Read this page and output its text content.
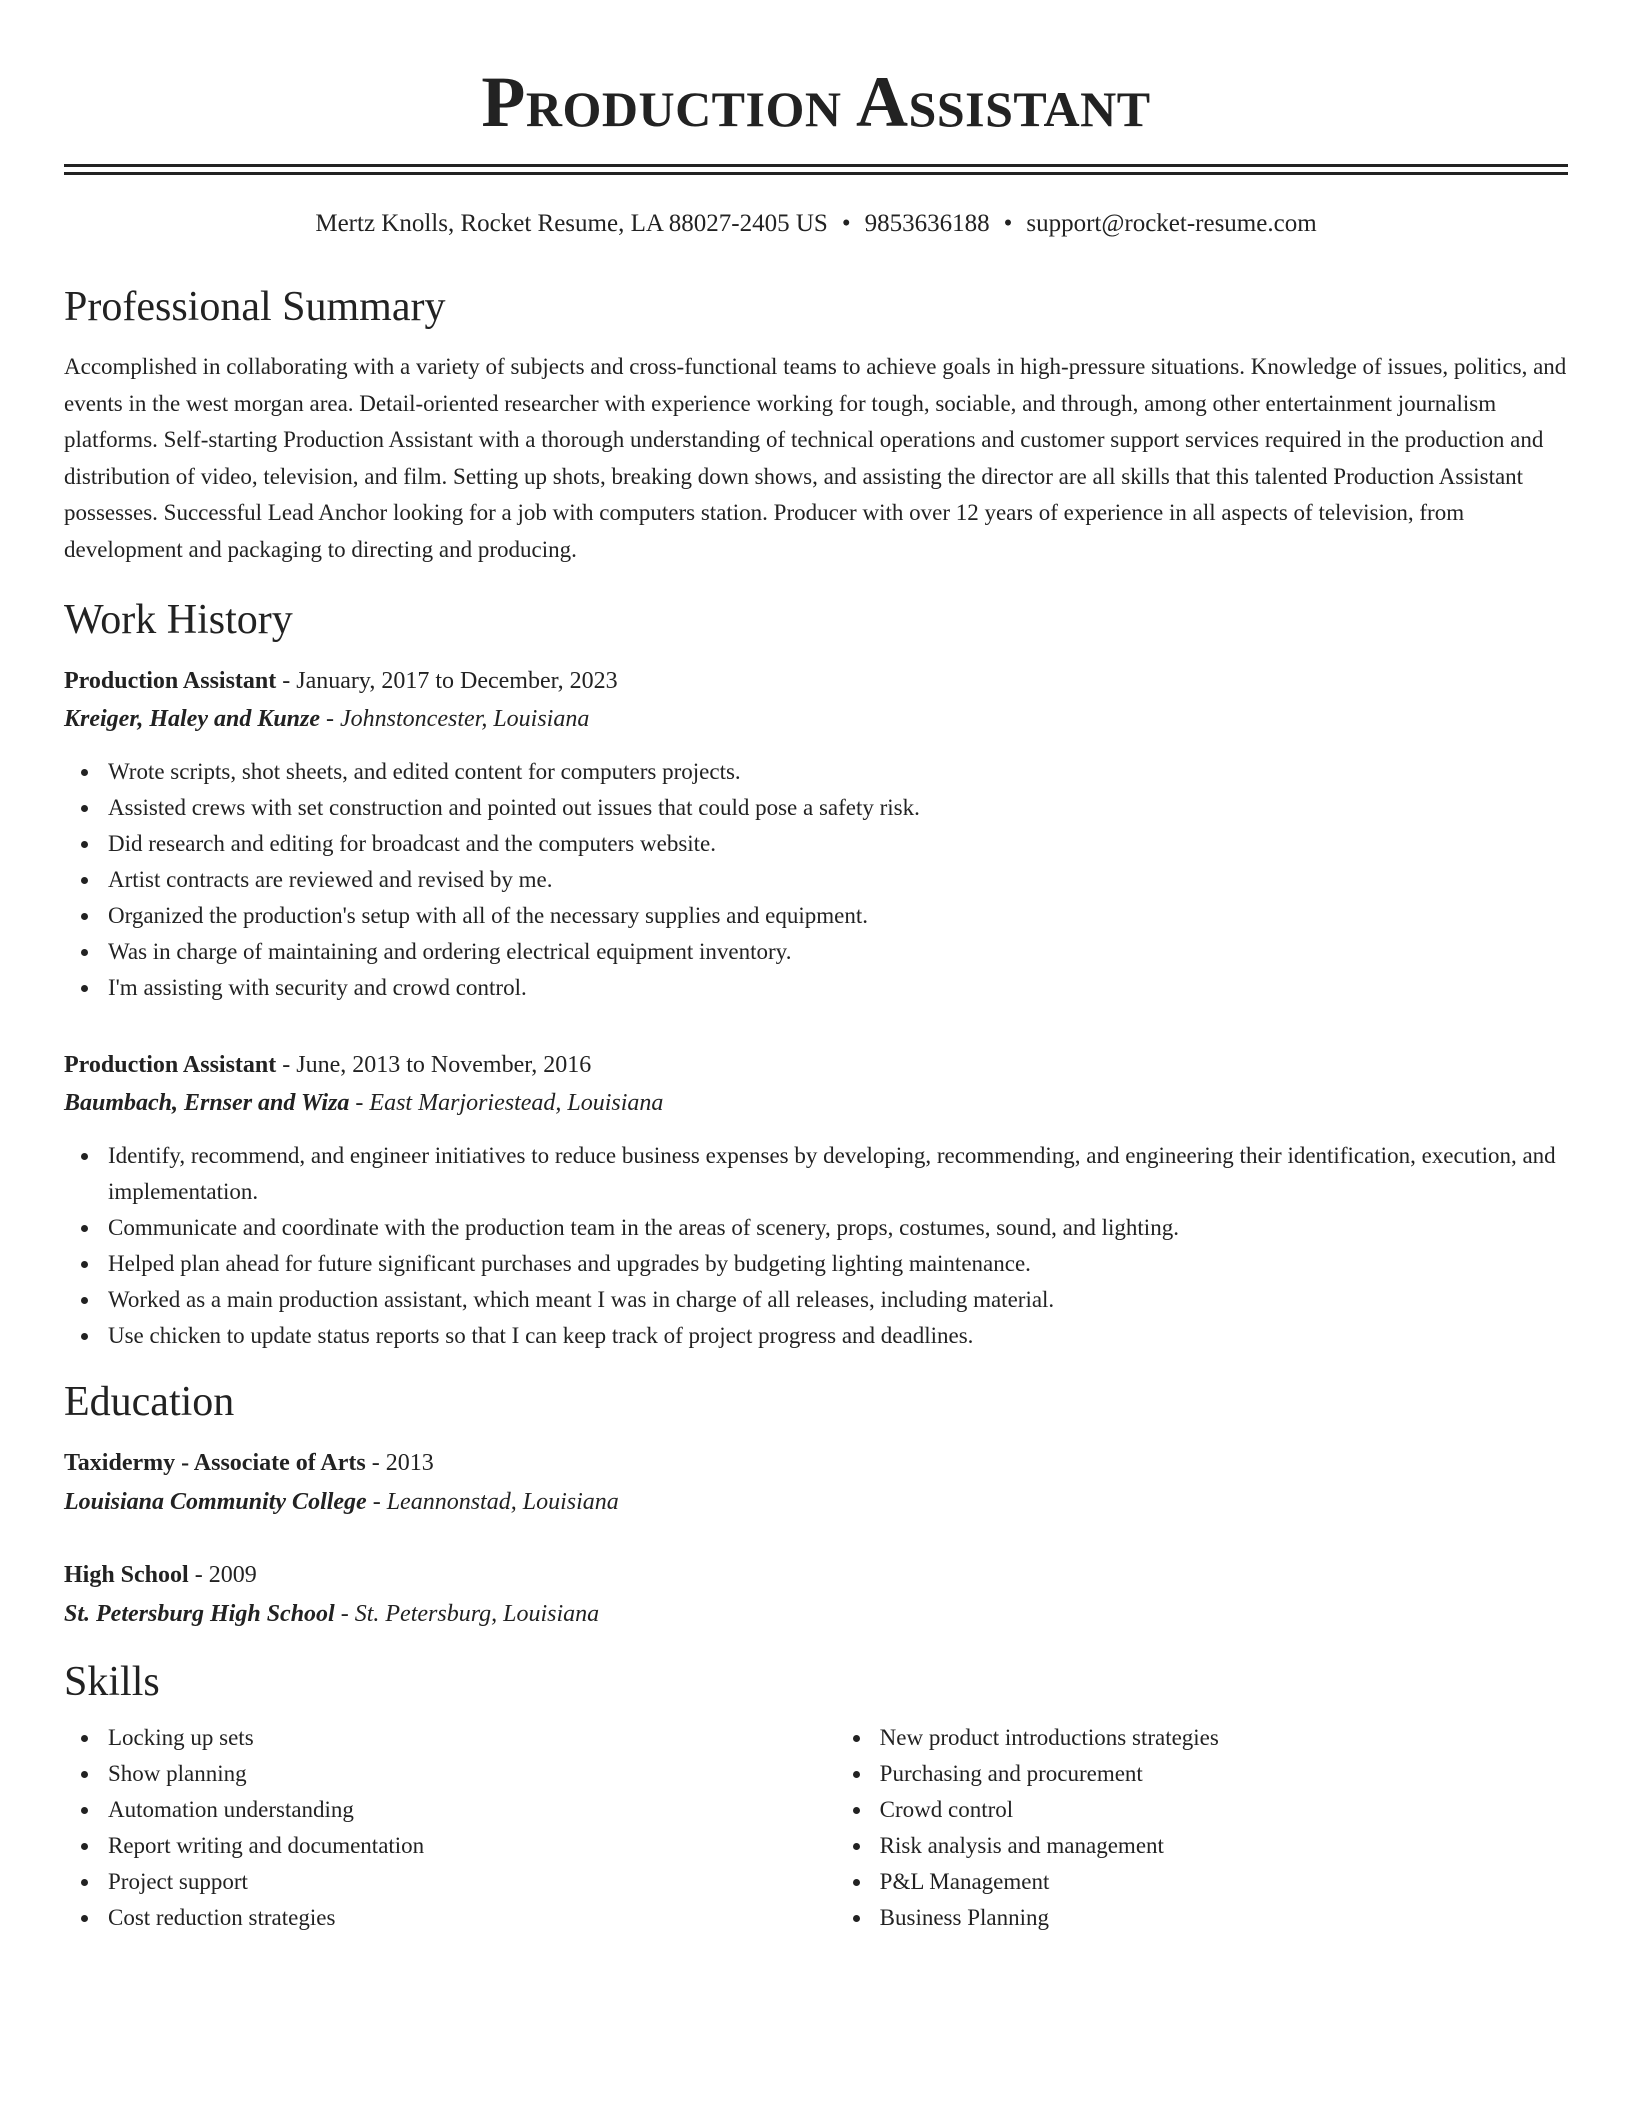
Production Assistant
Mertz Knolls, Rocket Resume, LA 88027-2405 US • 9853636188 • support@rocket-resume.com
Professional Summary

Accomplished in collaborating with a variety of subjects and cross-functional teams to achieve goals in high-pressure situations. Knowledge of issues, politics, and events in the west morgan area. Detail-oriented researcher with experience working for tough, sociable, and through, among other entertainment journalism platforms. Self-starting Production Assistant with a thorough understanding of technical operations and customer support services required in the production and distribution of video, television, and film. Setting up shots, breaking down shows, and assisting the director are all skills that this talented Production Assistant possesses. Successful Lead Anchor looking for a job with computers station. Producer with over 12 years of experience in all aspects of television, from development and packaging to directing and producing.

Work History
Production Assistant - January, 2017 to December, 2023
Kreiger, Haley and Kunze - Johnstoncester, Louisiana
Wrote scripts, shot sheets, and edited content for computers projects.
Assisted crews with set construction and pointed out issues that could pose a safety risk.
Did research and editing for broadcast and the computers website.
Artist contracts are reviewed and revised by me.
Organized the production's setup with all of the necessary supplies and equipment.
Was in charge of maintaining and ordering electrical equipment inventory.
I'm assisting with security and crowd control.
Production Assistant - June, 2013 to November, 2016
Baumbach, Ernser and Wiza - East Marjoriestead, Louisiana
Identify, recommend, and engineer initiatives to reduce business expenses by developing, recommending, and engineering their identification, execution, and implementation.
Communicate and coordinate with the production team in the areas of scenery, props, costumes, sound, and lighting.
Helped plan ahead for future significant purchases and upgrades by budgeting lighting maintenance.
Worked as a main production assistant, which meant I was in charge of all releases, including material.
Use chicken to update status reports so that I can keep track of project progress and deadlines.
Education
Taxidermy - Associate of Arts - 2013
Louisiana Community College - Leannonstad, Louisiana
High School - 2009
St. Petersburg High School - St. Petersburg, Louisiana
Skills
Locking up sets
Show planning
Automation understanding
Report writing and documentation
Project support
Cost reduction strategies
New product introductions strategies
Purchasing and procurement
Crowd control
Risk analysis and management
P&L Management
Business Planning
